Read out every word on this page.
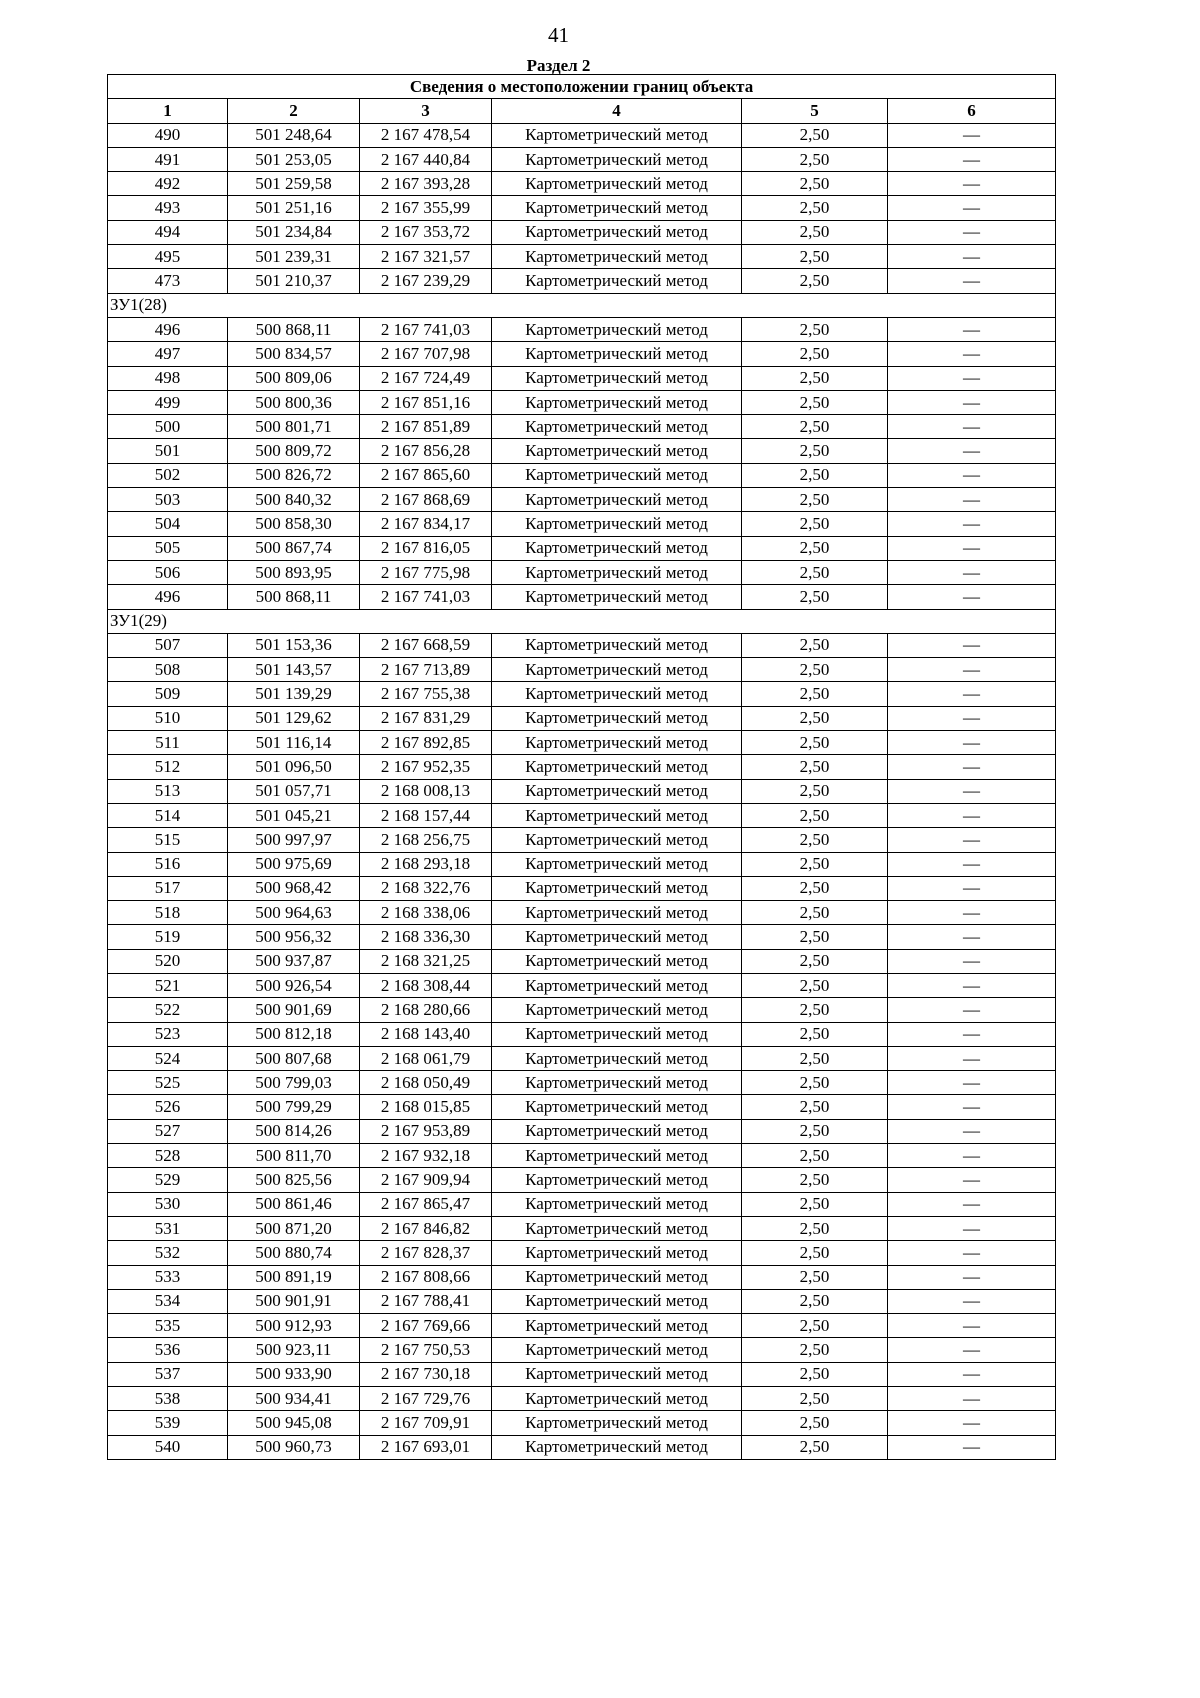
41
Раздел 2
Сведения о местоположении границ объекта					
1	2	3	4	5	6
490	501 248,64	2 167 478,54	Картометрический метод	2,50	—
491	501 253,05	2 167 440,84	Картометрический метод	2,50	—
492	501 259,58	2 167 393,28	Картометрический метод	2,50	—
493	501 251,16	2 167 355,99	Картометрический метод	2,50	—
494	501 234,84	2 167 353,72	Картометрический метод	2,50	—
495	501 239,31	2 167 321,57	Картометрический метод	2,50	—
473	501 210,37	2 167 239,29	Картометрический метод	2,50	—
ЗУ1(28)					
496	500 868,11	2 167 741,03	Картометрический метод	2,50	—
497	500 834,57	2 167 707,98	Картометрический метод	2,50	—
498	500 809,06	2 167 724,49	Картометрический метод	2,50	—
499	500 800,36	2 167 851,16	Картометрический метод	2,50	—
500	500 801,71	2 167 851,89	Картометрический метод	2,50	—
501	500 809,72	2 167 856,28	Картометрический метод	2,50	—
502	500 826,72	2 167 865,60	Картометрический метод	2,50	—
503	500 840,32	2 167 868,69	Картометрический метод	2,50	—
504	500 858,30	2 167 834,17	Картометрический метод	2,50	—
505	500 867,74	2 167 816,05	Картометрический метод	2,50	—
506	500 893,95	2 167 775,98	Картометрический метод	2,50	—
496	500 868,11	2 167 741,03	Картометрический метод	2,50	—
ЗУ1(29)					
507	501 153,36	2 167 668,59	Картометрический метод	2,50	—
508	501 143,57	2 167 713,89	Картометрический метод	2,50	—
509	501 139,29	2 167 755,38	Картометрический метод	2,50	—
510	501 129,62	2 167 831,29	Картометрический метод	2,50	—
511	501 116,14	2 167 892,85	Картометрический метод	2,50	—
512	501 096,50	2 167 952,35	Картометрический метод	2,50	—
513	501 057,71	2 168 008,13	Картометрический метод	2,50	—
514	501 045,21	2 168 157,44	Картометрический метод	2,50	—
515	500 997,97	2 168 256,75	Картометрический метод	2,50	—
516	500 975,69	2 168 293,18	Картометрический метод	2,50	—
517	500 968,42	2 168 322,76	Картометрический метод	2,50	—
518	500 964,63	2 168 338,06	Картометрический метод	2,50	—
519	500 956,32	2 168 336,30	Картометрический метод	2,50	—
520	500 937,87	2 168 321,25	Картометрический метод	2,50	—
521	500 926,54	2 168 308,44	Картометрический метод	2,50	—
522	500 901,69	2 168 280,66	Картометрический метод	2,50	—
523	500 812,18	2 168 143,40	Картометрический метод	2,50	—
524	500 807,68	2 168 061,79	Картометрический метод	2,50	—
525	500 799,03	2 168 050,49	Картометрический метод	2,50	—
526	500 799,29	2 168 015,85	Картометрический метод	2,50	—
527	500 814,26	2 167 953,89	Картометрический метод	2,50	—
528	500 811,70	2 167 932,18	Картометрический метод	2,50	—
529	500 825,56	2 167 909,94	Картометрический метод	2,50	—
530	500 861,46	2 167 865,47	Картометрический метод	2,50	—
531	500 871,20	2 167 846,82	Картометрический метод	2,50	—
532	500 880,74	2 167 828,37	Картометрический метод	2,50	—
533	500 891,19	2 167 808,66	Картометрический метод	2,50	—
534	500 901,91	2 167 788,41	Картометрический метод	2,50	—
535	500 912,93	2 167 769,66	Картометрический метод	2,50	—
536	500 923,11	2 167 750,53	Картометрический метод	2,50	—
537	500 933,90	2 167 730,18	Картометрический метод	2,50	—
538	500 934,41	2 167 729,76	Картометрический метод	2,50	—
539	500 945,08	2 167 709,91	Картометрический метод	2,50	—
540	500 960,73	2 167 693,01	Картометрический метод	2,50	—
